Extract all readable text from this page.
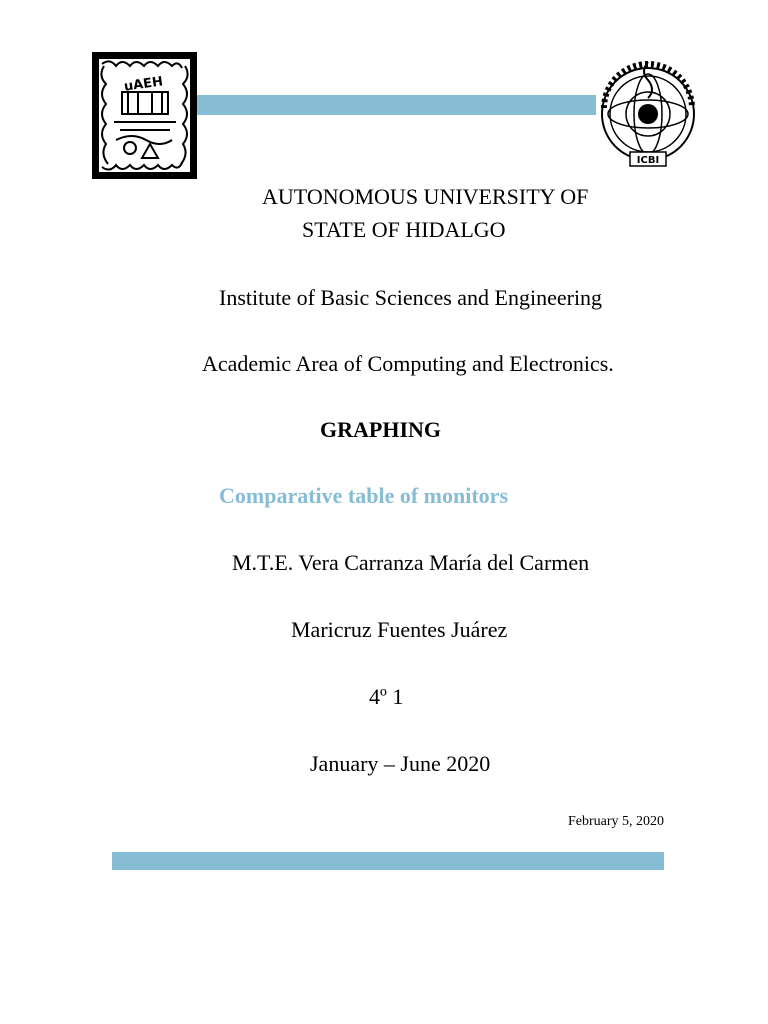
uAEH
ICBI
AUTONOMOUS UNIVERSITY OF
STATE OF HIDALGO
Institute of Basic Sciences and Engineering
Academic Area of Computing and Electronics.
GRAPHING
Comparative table of monitors
M.T.E. Vera Carranza María del Carmen
Maricruz Fuentes Juárez
4º 1
January – June 2020
February 5, 2020
